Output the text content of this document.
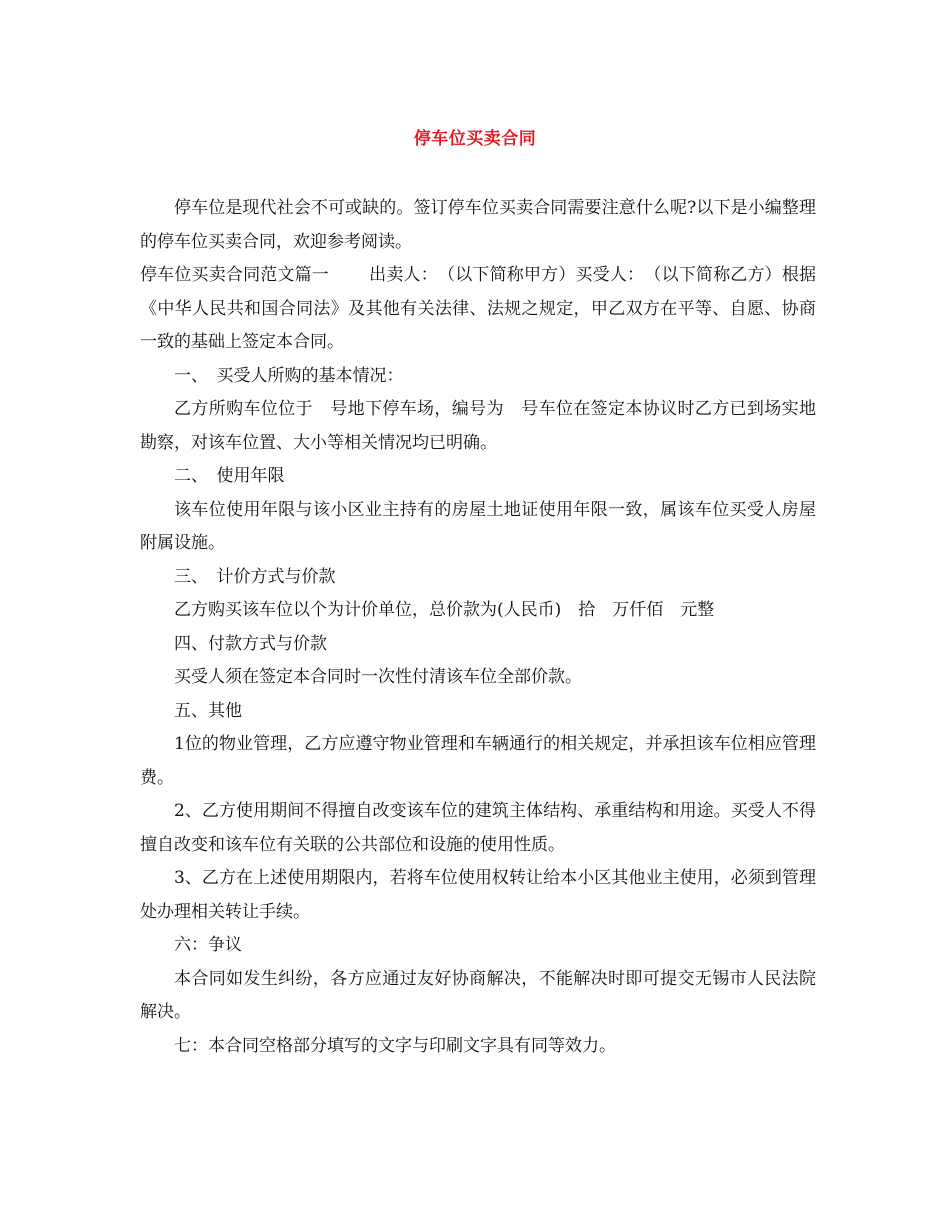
停车位买卖合同

停车位是现代社会不可或缺的。签订停车位买卖合同需要注意什么呢?以下是小编整理的停车位买卖合同，欢迎参考阅读。

停车位买卖合同范文篇一 出卖人：　（以下简称甲方）买受人：　（以下简称乙方）根据《中华人民共和国合同法》及其他有关法律、法规之规定，甲乙双方在平等、自愿、协商一致的基础上签定本合同。

一、　买受人所购的基本情况：

乙方所购车位位于　号地下停车场，编号为　号车位在签定本协议时乙方已到场实地勘察，对该车位置、大小等相关情况均已明确。

二、　使用年限

该车位使用年限与该小区业主持有的房屋土地证使用年限一致，属该车位买受人房屋附属设施。

三、　计价方式与价款

乙方购买该车位以个为计价单位，总价款为(人民币)　拾　万仟佰　元整

四、付款方式与价款

买受人须在签定本合同时一次性付清该车位全部价款。

五、其他

1位的物业管理，乙方应遵守物业管理和车辆通行的相关规定，并承担该车位相应管理费。

2、乙方使用期间不得擅自改变该车位的建筑主体结构、承重结构和用途。买受人不得擅自改变和该车位有关联的公共部位和设施的使用性质。

3、乙方在上述使用期限内，若将车位使用权转让给本小区其他业主使用，必须到管理处办理相关转让手续。

六：争议

本合同如发生纠纷，各方应通过友好协商解决，不能解决时即可提交无锡市人民法院解决。

七：本合同空格部分填写的文字与印刷文字具有同等效力。
